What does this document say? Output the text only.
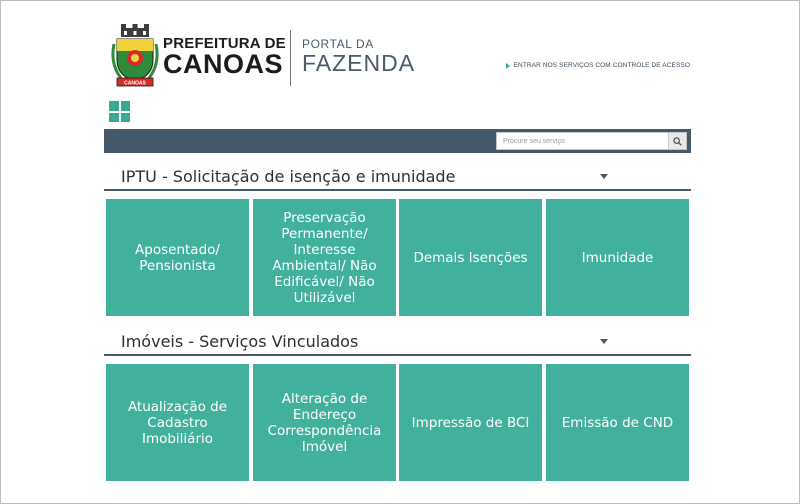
CANOAS
PREFEITURA DE
CANOAS
PORTAL DA
FAZENDA	ENTRAR NOS SERVIÇOS COM CONTROLE DE ACESSO
Procure seu serviço
IPTU - Solicitação de isenção e imunidade
Aposentado/ Pensionista
Preservação Permanente/ Interesse Ambiental/ Não Edificável/ Não Utilizável
Demais Isenções	Imunidade
Imóveis - Serviços Vinculados
Atualização de Cadastro Imobiliário
Alteração de Endereço Correspondência Imóvel
Impressão de BCI Emissão de CND
